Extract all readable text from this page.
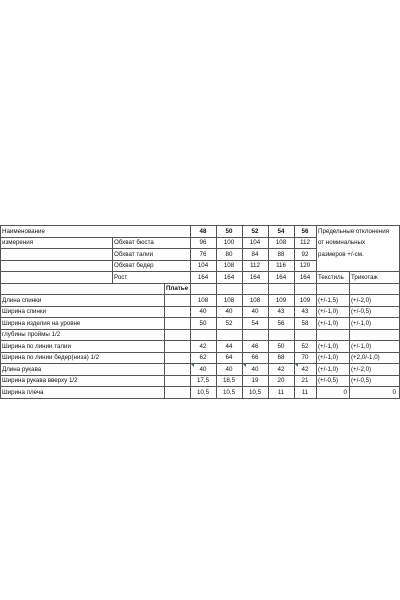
Наименование	48	50	52	54	56	Предельные отклонения
измерения	Обхват бюста	96	100	104	108	112	от номинальных
Обхват талии	76	80	84	88	92	размеров +/-см.
Обхват бедер	104	108	112	116	120
Рост	164	164	164	164	164	Текстиль	Трикотаж
Платье
Длина спинки	108	108	108	109	109	(+/-1,5)	(+/-2,0)
Ширина спинки	40	40	40	43	43	(+/-1,0)	(+/-0,5)
Ширина изделия на уровне	50	52	54	56	58	(+/-1,0)	(+/-1,0)
глубины проймы 1/2
Ширина по линии талии	42	44	46	50	52	(+/-1,0)	(+/-1,0)
Ширина по линии бедер(низа) 1/2	62	64	66	68	70	(+/-1,0)	(+2,0/-1,0)
Длина рукава	40	40	40	42	42	(+/-1,0)	(+/-2,0)
Ширина рукава вверху 1/2	17,5	18,5	19	20	21	(+/-0,5)	(+/-0,5)
Ширина плеча	10,5	10,5	10,5	11	11	0	0
